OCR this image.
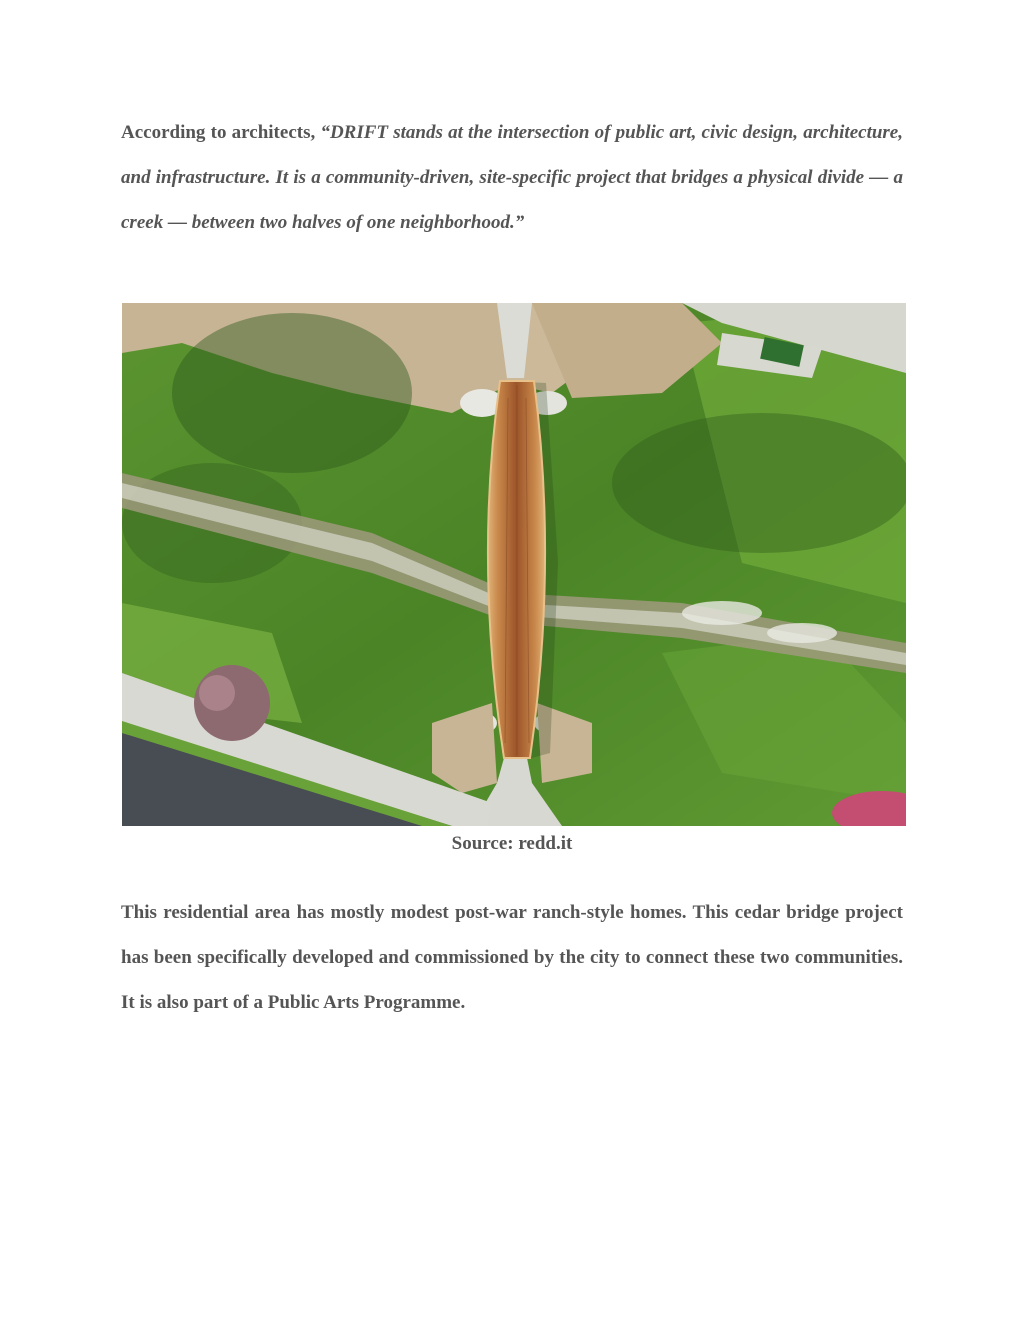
According to architects, “DRIFT stands at the intersection of public art, civic design, architecture, and infrastructure. It is a community-driven, site-specific project that bridges a physical divide — a creek — between two halves of one neighborhood.”

Source: redd.it

This residential area has mostly modest post-war ranch-style homes. This cedar bridge project has been specifically developed and commissioned by the city to connect these two communities. It is also part of a Public Arts Programme.
